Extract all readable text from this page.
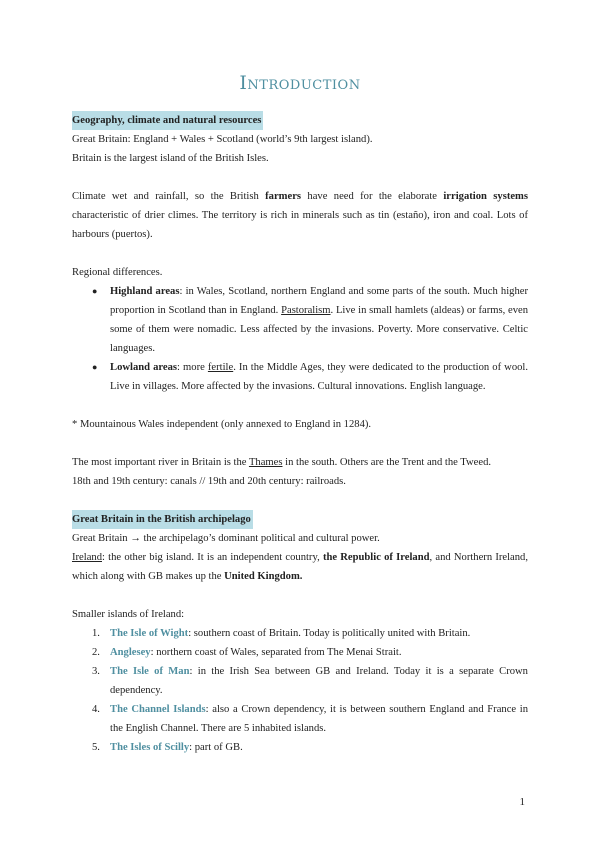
Introduction

Geography, climate and natural resources

Great Britain: England + Wales + Scotland (world’s 9th largest island).

Britain is the largest island of the British Isles.

Climate wet and rainfall, so the British farmers have need for the elaborate irrigation systems characteristic of drier climes. The territory is rich in minerals such as tin (estaño), iron and coal. Lots of harbours (puertos).

Regional differences.

● Highland areas: in Wales, Scotland, northern England and some parts of the south. Much higher proportion in Scotland than in England. Pastoralism. Live in small hamlets (aldeas) or farms, even some of them were nomadic. Less affected by the invasions. Poverty. More conservative. Celtic languages.
● Lowland areas: more fertile. In the Middle Ages, they were dedicated to the production of wool. Live in villages. More affected by the invasions. Cultural innovations. English language.

* Mountainous Wales independent (only annexed to England in 1284).

The most important river in Britain is the Thames in the south. Others are the Trent and the Tweed.

18th and 19th century: canals // 19th and 20th century: railroads.

Great Britain in the British archipelago

Great Britain → the archipelago’s dominant political and cultural power.

Ireland: the other big island. It is an independent country, the Republic of Ireland, and Northern Ireland, which along with GB makes up the United Kingdom.

Smaller islands of Ireland:

1. The Isle of Wight: southern coast of Britain. Today is politically united with Britain.
2. Anglesey: northern coast of Wales, separated from The Menai Strait.
3. The Isle of Man: in the Irish Sea between GB and Ireland. Today it is a separate Crown dependency.
4. The Channel Islands: also a Crown dependency, it is between southern England and France in the English Channel. There are 5 inhabited islands.
5. The Isles of Scilly: part of GB.
1
